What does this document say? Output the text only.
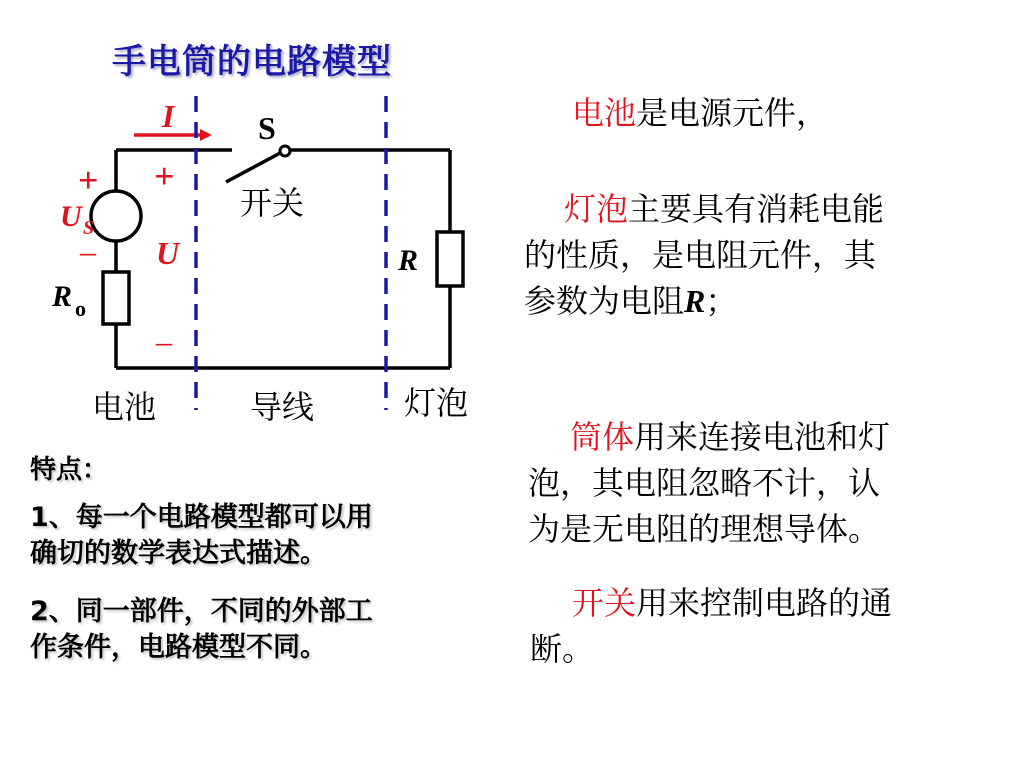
手电筒的电路模型
I	S
开关
+
U S
–
R o
+
U
–
R
电池	导线	灯泡
电池是电源元件，
灯泡主要具有消耗电能
的性质，是电阻元件，其
参数为电阻R；
筒体用来连接电池和灯
泡，其电阻忽略不计，认
为是无电阻的理想导体。
开关用来控制电路的通
断。
特点：
1、每一个电路模型都可以用
确切的数学表达式描述。
2、同一部件，不同的外部工
作条件，电路模型不同。
